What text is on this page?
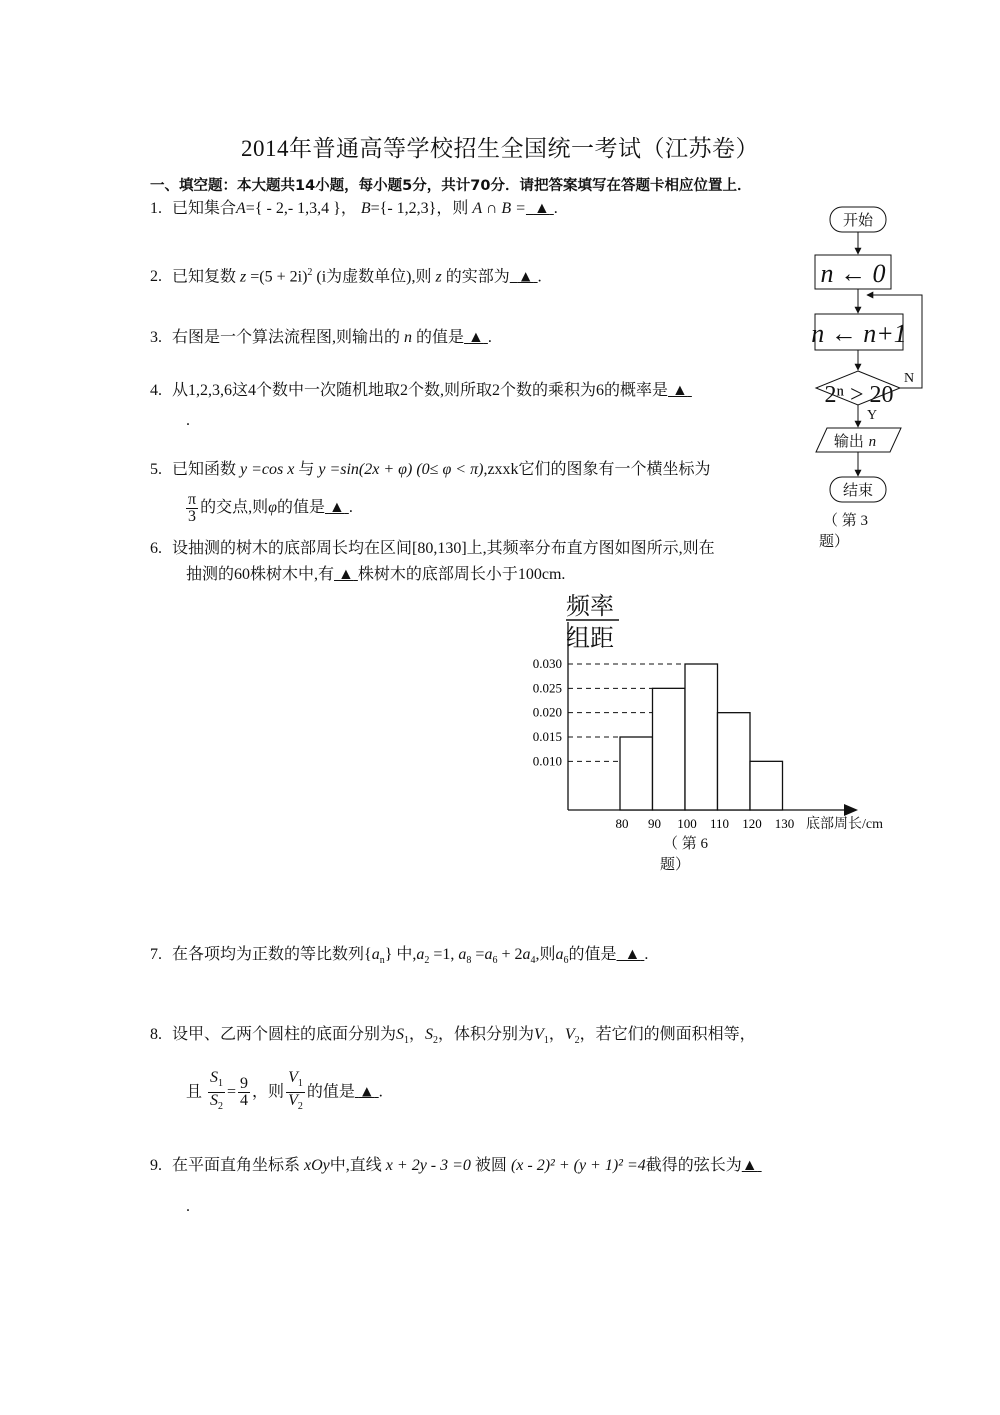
2014年普通高等学校招生全国统一考试（江苏卷）
一、填空题：本大题共14小题，每小题5分，共计70分．请把答案填写在答题卡相应位置上．
1. 已知集合A={ - 2,- 1,3,4 }， B={- 1,2,3}，则 A ∩ B = ▲ .
2. 已知复数 $z =(5 + 2i)^2$ (i为虚数单位),则 z 的实部为 ▲ .
3. 右图是一个算法流程图,则输出的 n 的值是 ▲ .
4. 从1,2,3,6这4个数中一次随机地取2个数,则所取2个数的乘积为6的概率是 ▲
.
5. 已知函数 y =cos x 与 y =sin(2x + φ) (0≤ φ < π),zxxk它们的图象有一个横坐标为
$\frac{\pi}{3}$ 的交点,则φ的值是 ▲ .
6. 设抽测的树木的底部周长均在区间[80,130]上,其频率分布直方图如图所示,则在
抽测的60株树木中,有 ▲ 株树木的底部周长小于100cm.
开始
n ← 0
n ← n+1
2ⁿ > 20
N
Y
输出 n
结束
（ 第 3
题）
频率
组距
底部周长/cm
（ 第 6
题）
0.010
0.015
0.020
0.025
0.030
80 90 100 110 120 130
7. 在各项均为正数的等比数列$\{a_n\}$ 中$,a_2 =1$, $a_8 =a_6 + 2a_4$,则$a_6$的值是 ▲ .
8. 设甲、乙两个圆柱的底面分别为$S_1$，$S_2$，体积分别为$V_1$，$V_2$，若它们的侧面积相等，
且 $\frac{S_1}{S_2} = \frac{9}{4}$ ，则 $\frac{V_1}{V_2}$ 的值是 ▲ .
9. 在平面直角坐标系 xOy中,直线 x + 2y - 3 =0 被圆 (x - 2)² + (y + 1)² =4截得的弦长为▲
.
